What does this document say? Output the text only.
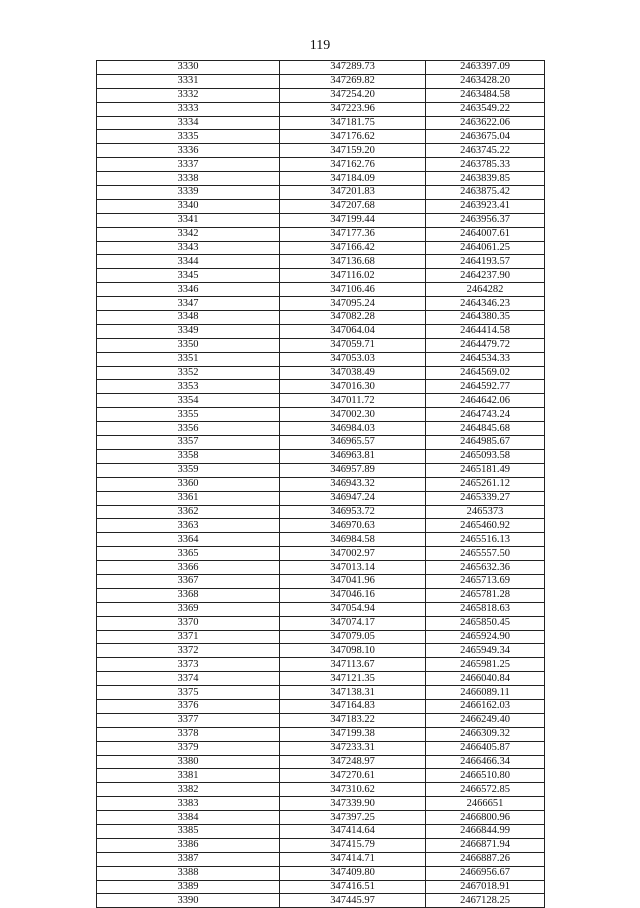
119
3330	347289.73	2463397.09
3331	347269.82	2463428.20
3332	347254.20	2463484.58
3333	347223.96	2463549.22
3334	347181.75	2463622.06
3335	347176.62	2463675.04
3336	347159.20	2463745.22
3337	347162.76	2463785.33
3338	347184.09	2463839.85
3339	347201.83	2463875.42
3340	347207.68	2463923.41
3341	347199.44	2463956.37
3342	347177.36	2464007.61
3343	347166.42	2464061.25
3344	347136.68	2464193.57
3345	347116.02	2464237.90
3346	347106.46	2464282
3347	347095.24	2464346.23
3348	347082.28	2464380.35
3349	347064.04	2464414.58
3350	347059.71	2464479.72
3351	347053.03	2464534.33
3352	347038.49	2464569.02
3353	347016.30	2464592.77
3354	347011.72	2464642.06
3355	347002.30	2464743.24
3356	346984.03	2464845.68
3357	346965.57	2464985.67
3358	346963.81	2465093.58
3359	346957.89	2465181.49
3360	346943.32	2465261.12
3361	346947.24	2465339.27
3362	346953.72	2465373
3363	346970.63	2465460.92
3364	346984.58	2465516.13
3365	347002.97	2465557.50
3366	347013.14	2465632.36
3367	347041.96	2465713.69
3368	347046.16	2465781.28
3369	347054.94	2465818.63
3370	347074.17	2465850.45
3371	347079.05	2465924.90
3372	347098.10	2465949.34
3373	347113.67	2465981.25
3374	347121.35	2466040.84
3375	347138.31	2466089.11
3376	347164.83	2466162.03
3377	347183.22	2466249.40
3378	347199.38	2466309.32
3379	347233.31	2466405.87
3380	347248.97	2466466.34
3381	347270.61	2466510.80
3382	347310.62	2466572.85
3383	347339.90	2466651
3384	347397.25	2466800.96
3385	347414.64	2466844.99
3386	347415.79	2466871.94
3387	347414.71	2466887.26
3388	347409.80	2466956.67
3389	347416.51	2467018.91
3390	347445.97	2467128.25
